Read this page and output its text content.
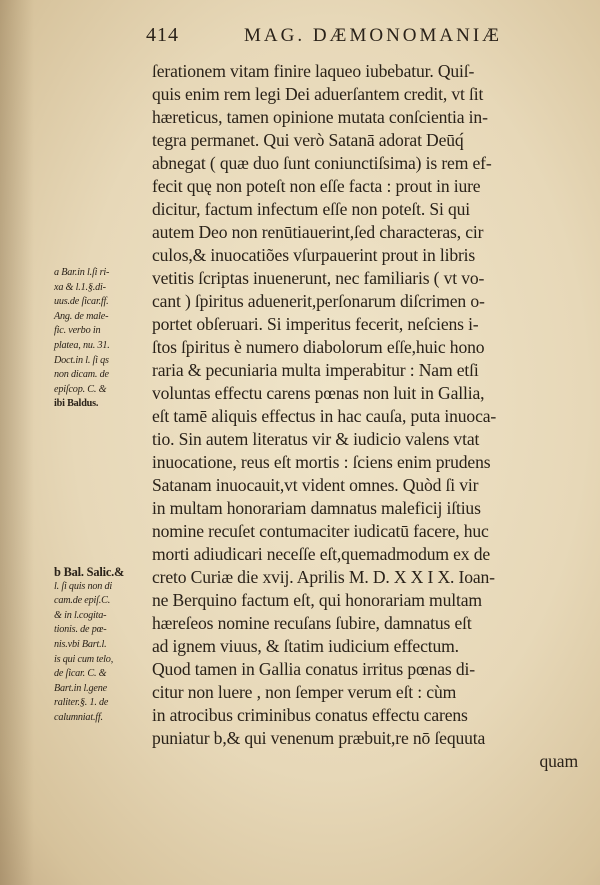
414	MAG. DÆMONOMANIÆ
ſerationem vitam finire laqueo iubebatur. Quiſ-
quis enim rem legi Dei aduerſantem credit, vt ſit
hæreticus, tamen opinione mutata conſcientia in-
tegra permanet. Qui verò Satanā adorat Deūq́
abnegat ( quæ duo ſunt coniunctiſsima) is rem ef-
fecit quę non poteſt non eſſe facta : prout in iure
dicitur, factum infectum eſſe non poteſt. Si qui
autem Deo non renūtiauerint,ſed characteras, cir
culos,& inuocatiões vſurpauerint prout in libris
vetitis ſcriptas inuenerunt, nec familiaris ( vt vo-
cant ) ſpiritus aduenerit,perſonarum diſcrimen o-
portet obſeruari. Si imperitus fecerit, neſciens i-
ſtos ſpiritus è numero diabolorum eſſe,huic hono
raria & pecuniaria multa imperabitur : Nam etſi
voluntas effectu carens pœnas non luit in Gallia,
eſt tamē aliquis effectus in hac cauſa, puta inuoca-
tio. Sin autem literatus vir & iudicio valens vtat
inuocatione, reus eſt mortis : ſciens enim prudens
Satanam inuocauit,vt vident omnes. Quòd ſi vir
in multam honorariam damnatus maleficij iſtius
nomine recuſet contumaciter iudicatū facere, huc
morti adiudicari neceſſe eſt,quemadmodum ex de
creto Curiæ die xvij. Aprilis M. D. X X I X. Ioan-
ne Berquino factum eſt, qui honorariam multam
hæreſeos nomine recuſans ſubire, damnatus eſt
ad ignem viuus, & ſtatim iudicium effectum.
Quod tamen in Gallia conatus irritus pœnas di-
citur non luere , non ſemper verum eſt : cùm
in atrocibus criminibus conatus effectu carens
puniatur b,& qui venenum præbuit,re nō ſequuta
quam
a Bar.in l.ſi ri-
xa & l.1.§.di-
uus.de ſicar.ff.
Ang. de male-
fic. verbo in
platea, nu. 31.
Doct.in l. ſi qs
non dicam. de
epiſcop. C. &
ibi Baldus.
b Bal. Salic.&
l. ſi quis non di
cam.de epiſ.C.
& in l.cogita-
tionis. de pœ-
nis.vbi Bart.l.
is qui cum telo,
de ſicar. C. &
Bart.in l.gene
raliter.§. 1. de
calumniat.ff.
